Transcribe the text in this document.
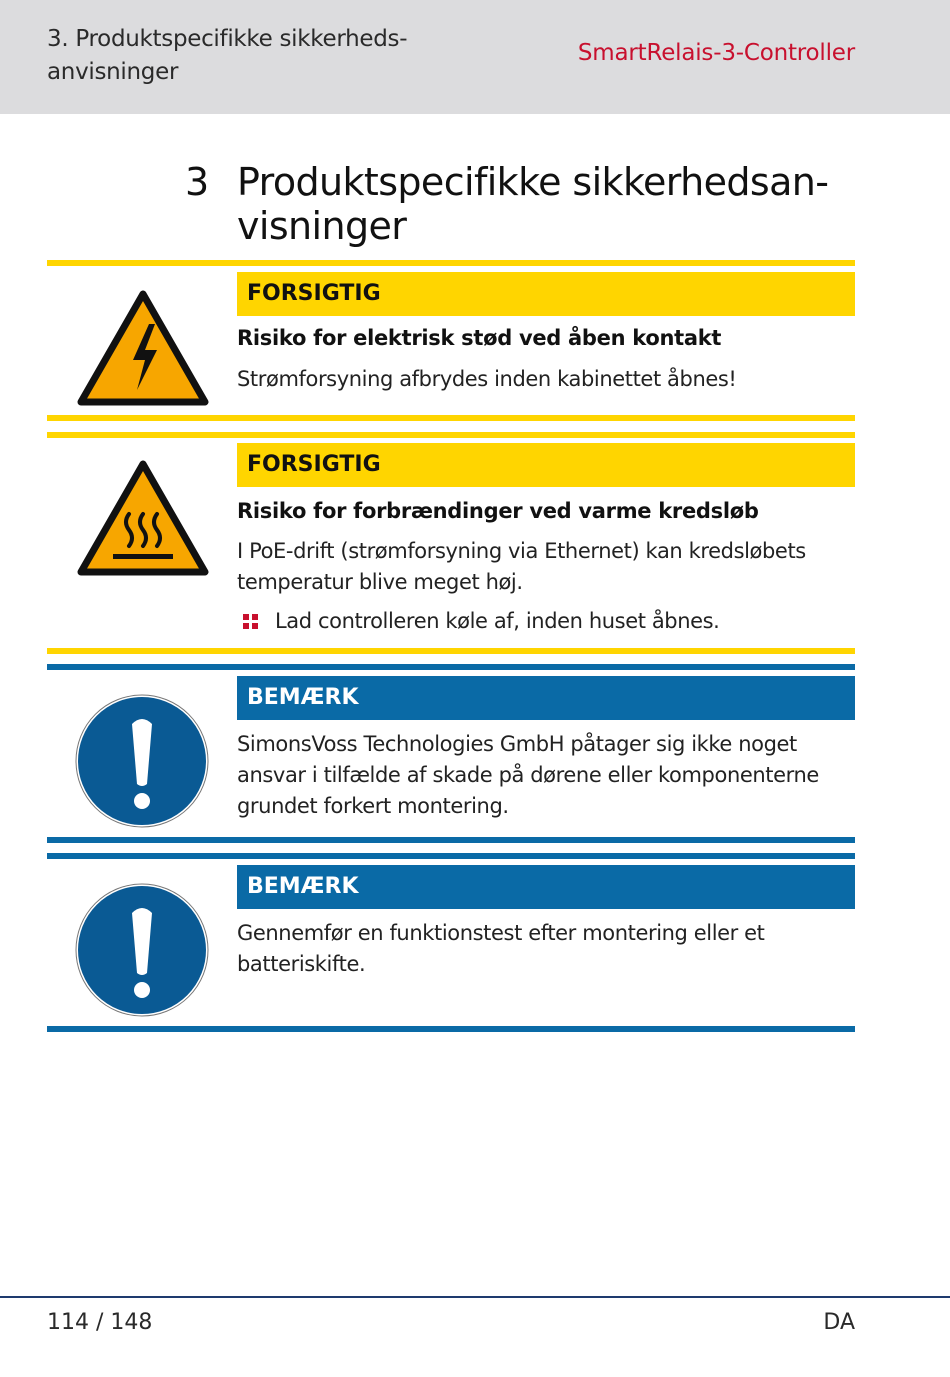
3. Produktspecifikke sikkerheds-anvisninger
SmartRelais-3-Controller
3 Produktspecifikke sikkerhedsan-visninger
FORSIGTIG
Risiko for elektrisk stød ved åben kontakt
Strømforsyning afbrydes inden kabinettet åbnes!
FORSIGTIG
Risiko for forbrændinger ved varme kredsløb
I PoE-drift (strømforsyning via Ethernet) kan kredsløbets temperatur blive meget høj.
Lad controlleren køle af, inden huset åbnes.
BEMÆRK
SimonsVoss Technologies GmbH påtager sig ikke noget ansvar i tilfælde af skade på dørene eller komponenterne grundet forkert montering.
BEMÆRK
Gennemfør en funktionstest efter montering eller et batteriskifte.
114 / 148	DA
